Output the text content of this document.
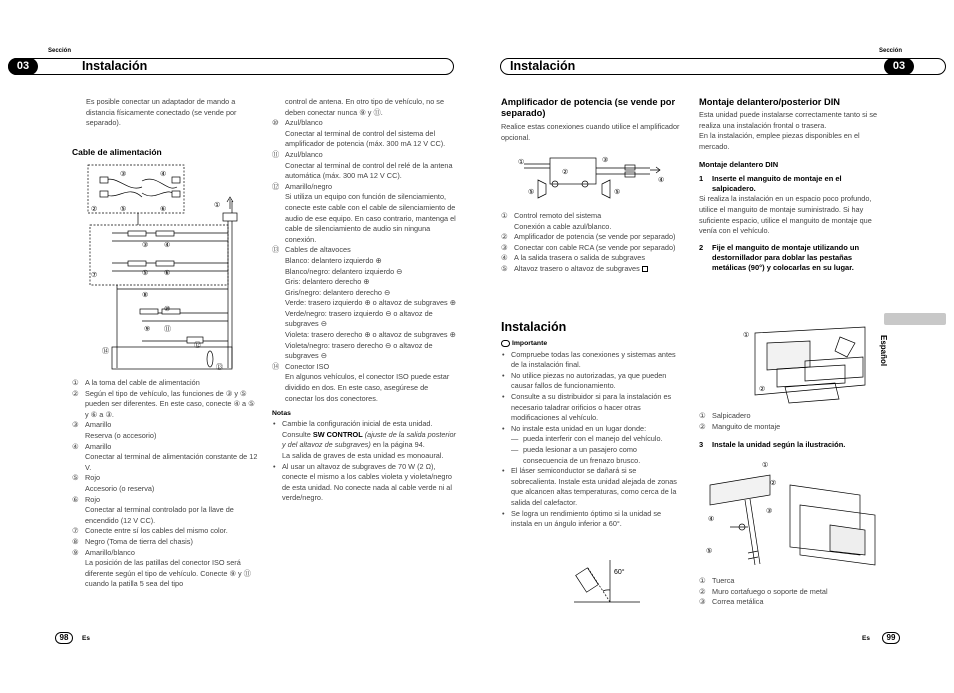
Sección
03	Instalación

Es posible conectar un adaptador de mando a distancia físicamente conectado (se vende por separado).

Cable de alimentación
①
②
③	④
⑤	⑥
③ ④
⑤ ⑥
⑦
⑧
⑩
⑨ ⑪
⑫
⑭
⑬
① A la toma del cable de alimentación
② Según el tipo de vehículo, las funciones de ③ y ⑤ pueden ser diferentes. En este caso, conecte ④ a ⑤ y ⑥ a ③.
③ Amarillo
Reserva (o accesorio)
④ Amarillo
Conectar al terminal de alimentación constante de 12 V.
⑤ Rojo
Accesorio (o reserva)
⑥ Rojo
Conectar al terminal controlado por la llave de encendido (12 V CC).
⑦ Conecte entre sí los cables del mismo color.
⑧ Negro (Toma de tierra del chasis)
⑨ Amarillo/blanco
La posición de las patillas del conector ISO será diferente según el tipo de vehículo. Conecte ⑨ y ⑪ cuando la patilla 5 sea del tipo

control de antena. En otro tipo de vehículo, no se deben conectar nunca ⑨ y ⑪.

⑩ Azul/blanco
Conectar al terminal de control del sistema del amplificador de potencia (máx. 300 mA 12 V CC).
⑪ Azul/blanco
Conectar al terminal de control del relé de la antena automática (máx. 300 mA 12 V CC).
⑫ Amarillo/negro
Si utiliza un equipo con función de silenciamiento, conecte este cable con el cable de silenciamiento de audio de ese equipo. En caso contrario, mantenga el cable de silenciamiento de audio sin ninguna conexión.
⑬ Cables de altavoces
Blanco: delantero izquierdo ⊕
Blanco/negro: delantero izquierdo ⊖
Gris: delantero derecho ⊕
Gris/negro: delantero derecho ⊖
Verde: trasero izquierdo ⊕ o altavoz de subgraves ⊕
Verde/negro: trasero izquierdo ⊖ o altavoz de subgraves ⊖
Violeta: trasero derecho ⊕ o altavoz de subgraves ⊕
Violeta/negro: trasero derecho ⊖ o altavoz de subgraves ⊖
⑭ Conector ISO
En algunos vehículos, el conector ISO puede estar dividido en dos. En este caso, asegúrese de conectar los dos conectores.
Notas
• Cambie la configuración inicial de esta unidad. Consulte SW CONTROL (ajuste de la salida posterior y del altavoz de subgraves) en la página 94.
La salida de graves de esta unidad es monoaural.
• Al usar un altavoz de subgraves de 70 W (2 Ω), conecte el mismo a los cables violeta y violeta/negro de esta unidad. No conecte nada al cable verde ni al verde/negro.
98	Es
Sección
03
Instalación
Amplificador de potencia (se vende por separado)

Realice estas conexiones cuando utilice el amplificador opcional.

①
②
③
④
⑤	⑤
① Control remoto del sistema
Conexión a cable azul/blanco.
② Amplificador de potencia (se vende por separado)
③ Conectar con cable RCA (se vende por separado)
④ A la salida trasera o salida de subgraves
⑤ Altavoz trasero o altavoz de subgraves
Instalación
Importante
• Compruebe todas las conexiones y sistemas antes de la instalación final.
• No utilice piezas no autorizadas, ya que pueden causar fallos de funcionamiento.
• Consulte a su distribuidor si para la instalación es necesario taladrar orificios o hacer otras modificaciones al vehículo.
• No instale esta unidad en un lugar donde:
— pueda interferir con el manejo del vehículo.
— pueda lesionar a un pasajero como consecuencia de un frenazo brusco.
• El láser semiconductor se dañará si se sobrecalienta. Instale esta unidad alejada de zonas que alcancen altas temperaturas, como cerca de la salida del calefactor.
• Se logra un rendimiento óptimo si la unidad se instala en un ángulo inferior a 60°.
60°
Montaje delantero/posterior DIN

Esta unidad puede instalarse correctamente tanto si se realiza una instalación frontal o trasera.

En la instalación, emplee piezas disponibles en el mercado.

Montaje delantero DIN
1 Inserte el manguito de montaje en el salpicadero.

Si realiza la instalación en un espacio poco profundo, utilice el manguito de montaje suministrado. Si hay suficiente espacio, utilice el manguito de montaje que venía con el vehículo.

2 Fije el manguito de montaje utilizando un destornillador para doblar las pestañas metálicas (90°) y colocarlas en su lugar.
①
②
① Salpicadero
② Manguito de montaje
3 Instale la unidad según la ilustración.
①
②
③
④
⑤
① Tuerca
② Muro cortafuego o soporte de metal
③ Correa metálica
Español
Es	99
